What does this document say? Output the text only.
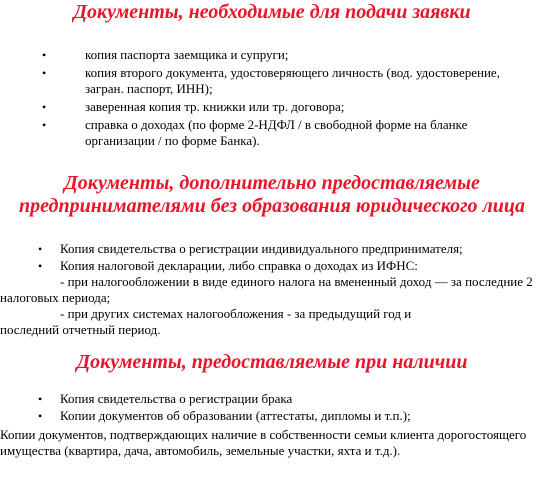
Документы, необходимые для подачи заявки
•	копия паспорта заемщика и супруги;
•	копия второго документа, удостоверяющего личность (вод. удостоверение, загран. паспорт, ИНН);
•	заверенная копия тр. книжки или тр. договора;
•	справка о доходах (по форме 2-НДФЛ / в свободной форме на бланке организации / по форме Банка).
Документы, дополнительно предоставляемые
предпринимателями без образования юридического лица
• Копия свидетельства о регистрации индивидуального предпринимателя;
• Копия налоговой декларации, либо справка о доходах из ИФНС:

- при налогообложении в виде единого налога на вмененный доход — за последние 2 налоговых периода;

- при других системах налогообложения - за предыдущий год и последний отчетный период.

Документы, предоставляемые при наличии
• Копия свидетельства о регистрации брака
• Копии документов об образовании (аттестаты, дипломы и т.п.);

Копии документов, подтверждающих наличие в собственности семьи клиента дорогостоящего имущества (квартира, дача, автомобиль, земельные участки, яхта и т.д.).
